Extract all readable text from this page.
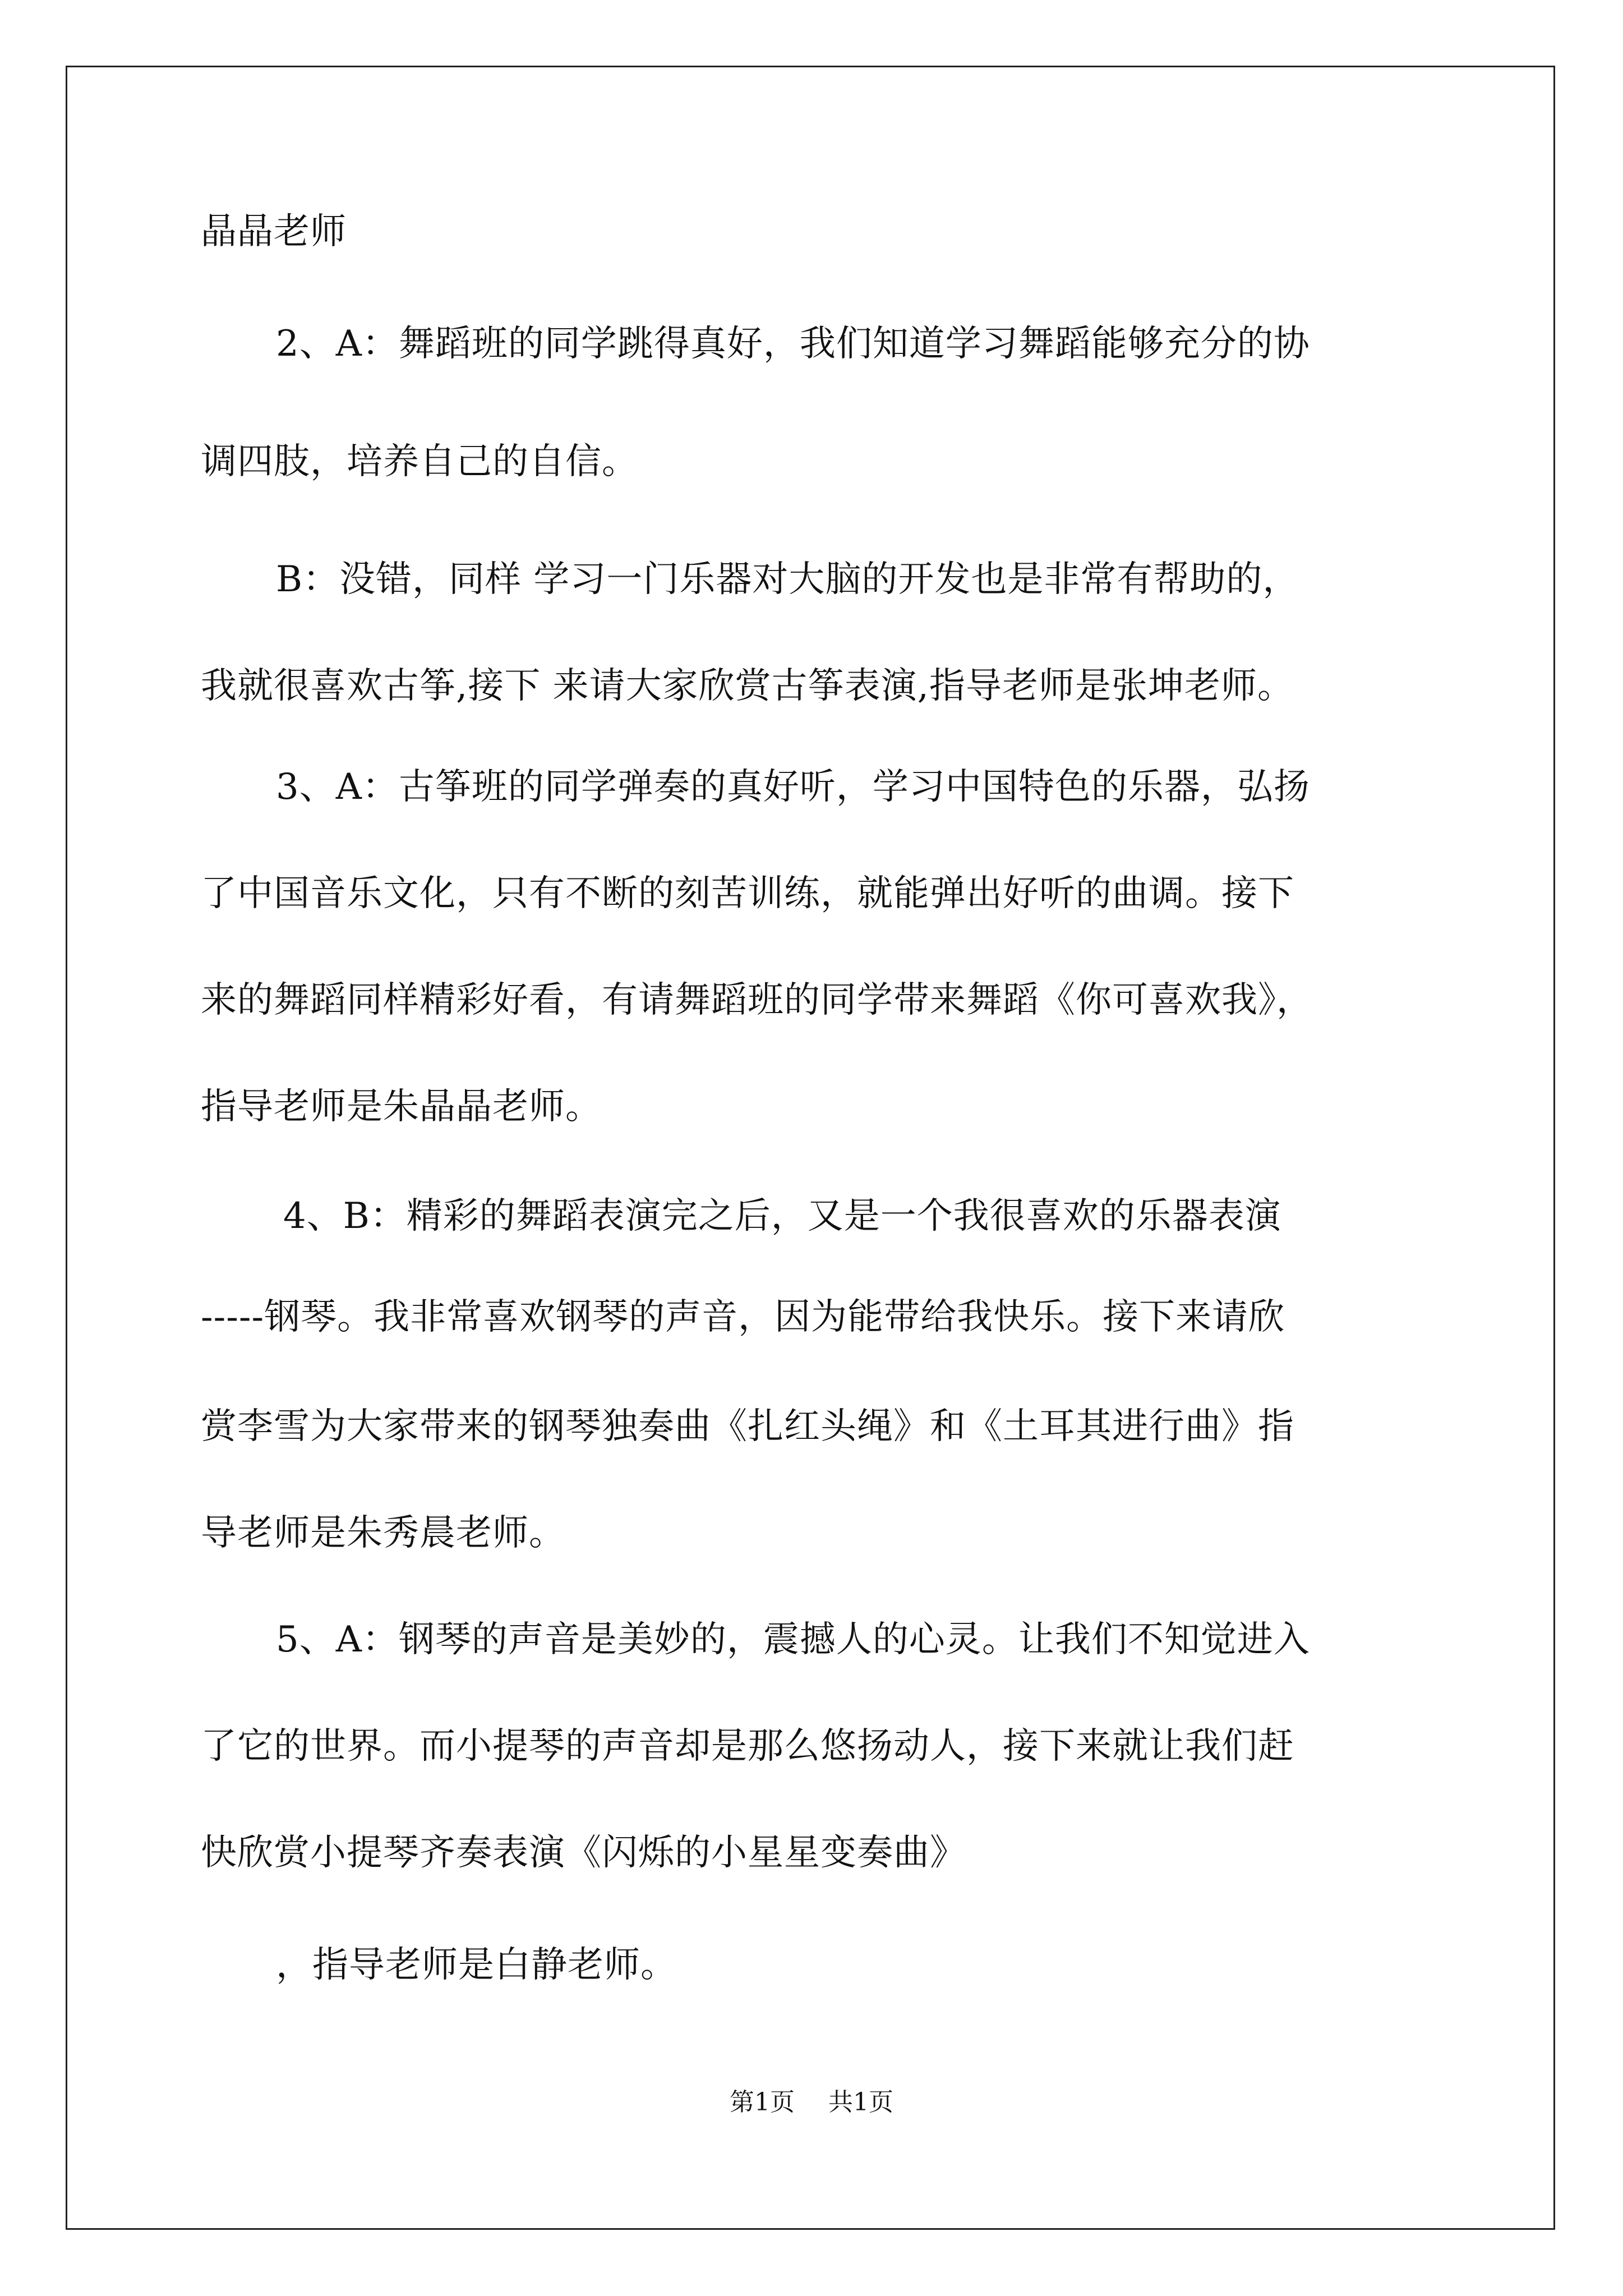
晶晶老师
2、A：舞蹈班的同学跳得真好，我们知道学习舞蹈能够充分的协
调四肢，培养自己的自信。
B：没错，同样 学习一门乐器对大脑的开发也是非常有帮助的，
我就很喜欢古筝,接下 来请大家欣赏古筝表演,指导老师是张坤老师。
3、A：古筝班的同学弹奏的真好听，学习中国特色的乐器，弘扬
了中国音乐文化，只有不断的刻苦训练，就能弹出好听的曲调。接下
来的舞蹈同样精彩好看，有请舞蹈班的同学带来舞蹈《你可喜欢我》，
指导老师是朱晶晶老师。
4、B：精彩的舞蹈表演完之后，又是一个我很喜欢的乐器表演
-----钢琴。我非常喜欢钢琴的声音，因为能带给我快乐。接下来请欣
赏李雪为大家带来的钢琴独奏曲《扎红头绳》和《土耳其进行曲》指
导老师是朱秀晨老师。
5、A：钢琴的声音是美妙的，震撼人的心灵。让我们不知觉进入
了它的世界。而小提琴的声音却是那么悠扬动人，接下来就让我们赶
快欣赏小提琴齐奏表演《闪烁的小星星变奏曲》
，指导老师是白静老师。
第1页 共1页
